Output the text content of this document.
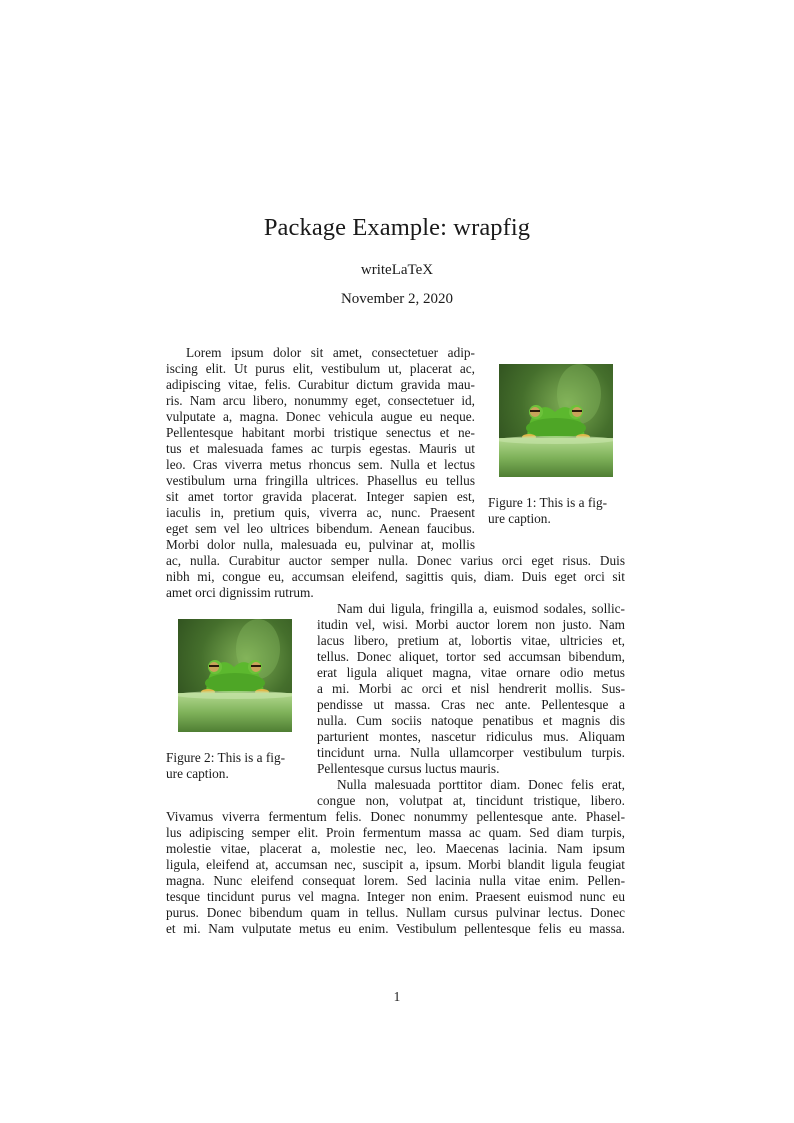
Package Example: wrapfig
writeLaTeX
November 2, 2020
Lorem ipsum dolor sit amet, consectetuer adip-
iscing elit. Ut purus elit, vestibulum ut, placerat ac,
adipiscing vitae, felis. Curabitur dictum gravida mau-
ris. Nam arcu libero, nonummy eget, consectetuer id,
vulputate a, magna. Donec vehicula augue eu neque.
Pellentesque habitant morbi tristique senectus et ne-
tus et malesuada fames ac turpis egestas. Mauris ut
leo. Cras viverra metus rhoncus sem. Nulla et lectus
vestibulum urna fringilla ultrices. Phasellus eu tellus
sit amet tortor gravida placerat. Integer sapien est,
iaculis in, pretium quis, viverra ac, nunc. Praesent
eget sem vel leo ultrices bibendum. Aenean faucibus.
Morbi dolor nulla, malesuada eu, pulvinar at, mollis
ac, nulla. Curabitur auctor semper nulla. Donec varius orci eget risus. Duis
nibh mi, congue eu, accumsan eleifend, sagittis quis, diam. Duis eget orci sit
amet orci dignissim rutrum.
Figure 1: This is a fig-
ure caption.
Figure 2: This is a fig-
ure caption.
Nam dui ligula, fringilla a, euismod sodales, sollic-
itudin vel, wisi. Morbi auctor lorem non justo. Nam
lacus libero, pretium at, lobortis vitae, ultricies et,
tellus. Donec aliquet, tortor sed accumsan bibendum,
erat ligula aliquet magna, vitae ornare odio metus
a mi. Morbi ac orci et nisl hendrerit mollis. Sus-
pendisse ut massa. Cras nec ante. Pellentesque a
nulla. Cum sociis natoque penatibus et magnis dis
parturient montes, nascetur ridiculus mus. Aliquam
tincidunt urna. Nulla ullamcorper vestibulum turpis.
Pellentesque cursus luctus mauris.
Nulla malesuada porttitor diam. Donec felis erat,
congue non, volutpat at, tincidunt tristique, libero.
Vivamus viverra fermentum felis. Donec nonummy pellentesque ante. Phasel-
lus adipiscing semper elit. Proin fermentum massa ac quam. Sed diam turpis,
molestie vitae, placerat a, molestie nec, leo. Maecenas lacinia. Nam ipsum
ligula, eleifend at, accumsan nec, suscipit a, ipsum. Morbi blandit ligula feugiat
magna. Nunc eleifend consequat lorem. Sed lacinia nulla vitae enim. Pellen-
tesque tincidunt purus vel magna. Integer non enim. Praesent euismod nunc eu
purus. Donec bibendum quam in tellus. Nullam cursus pulvinar lectus. Donec
et mi. Nam vulputate metus eu enim. Vestibulum pellentesque felis eu massa.
1
